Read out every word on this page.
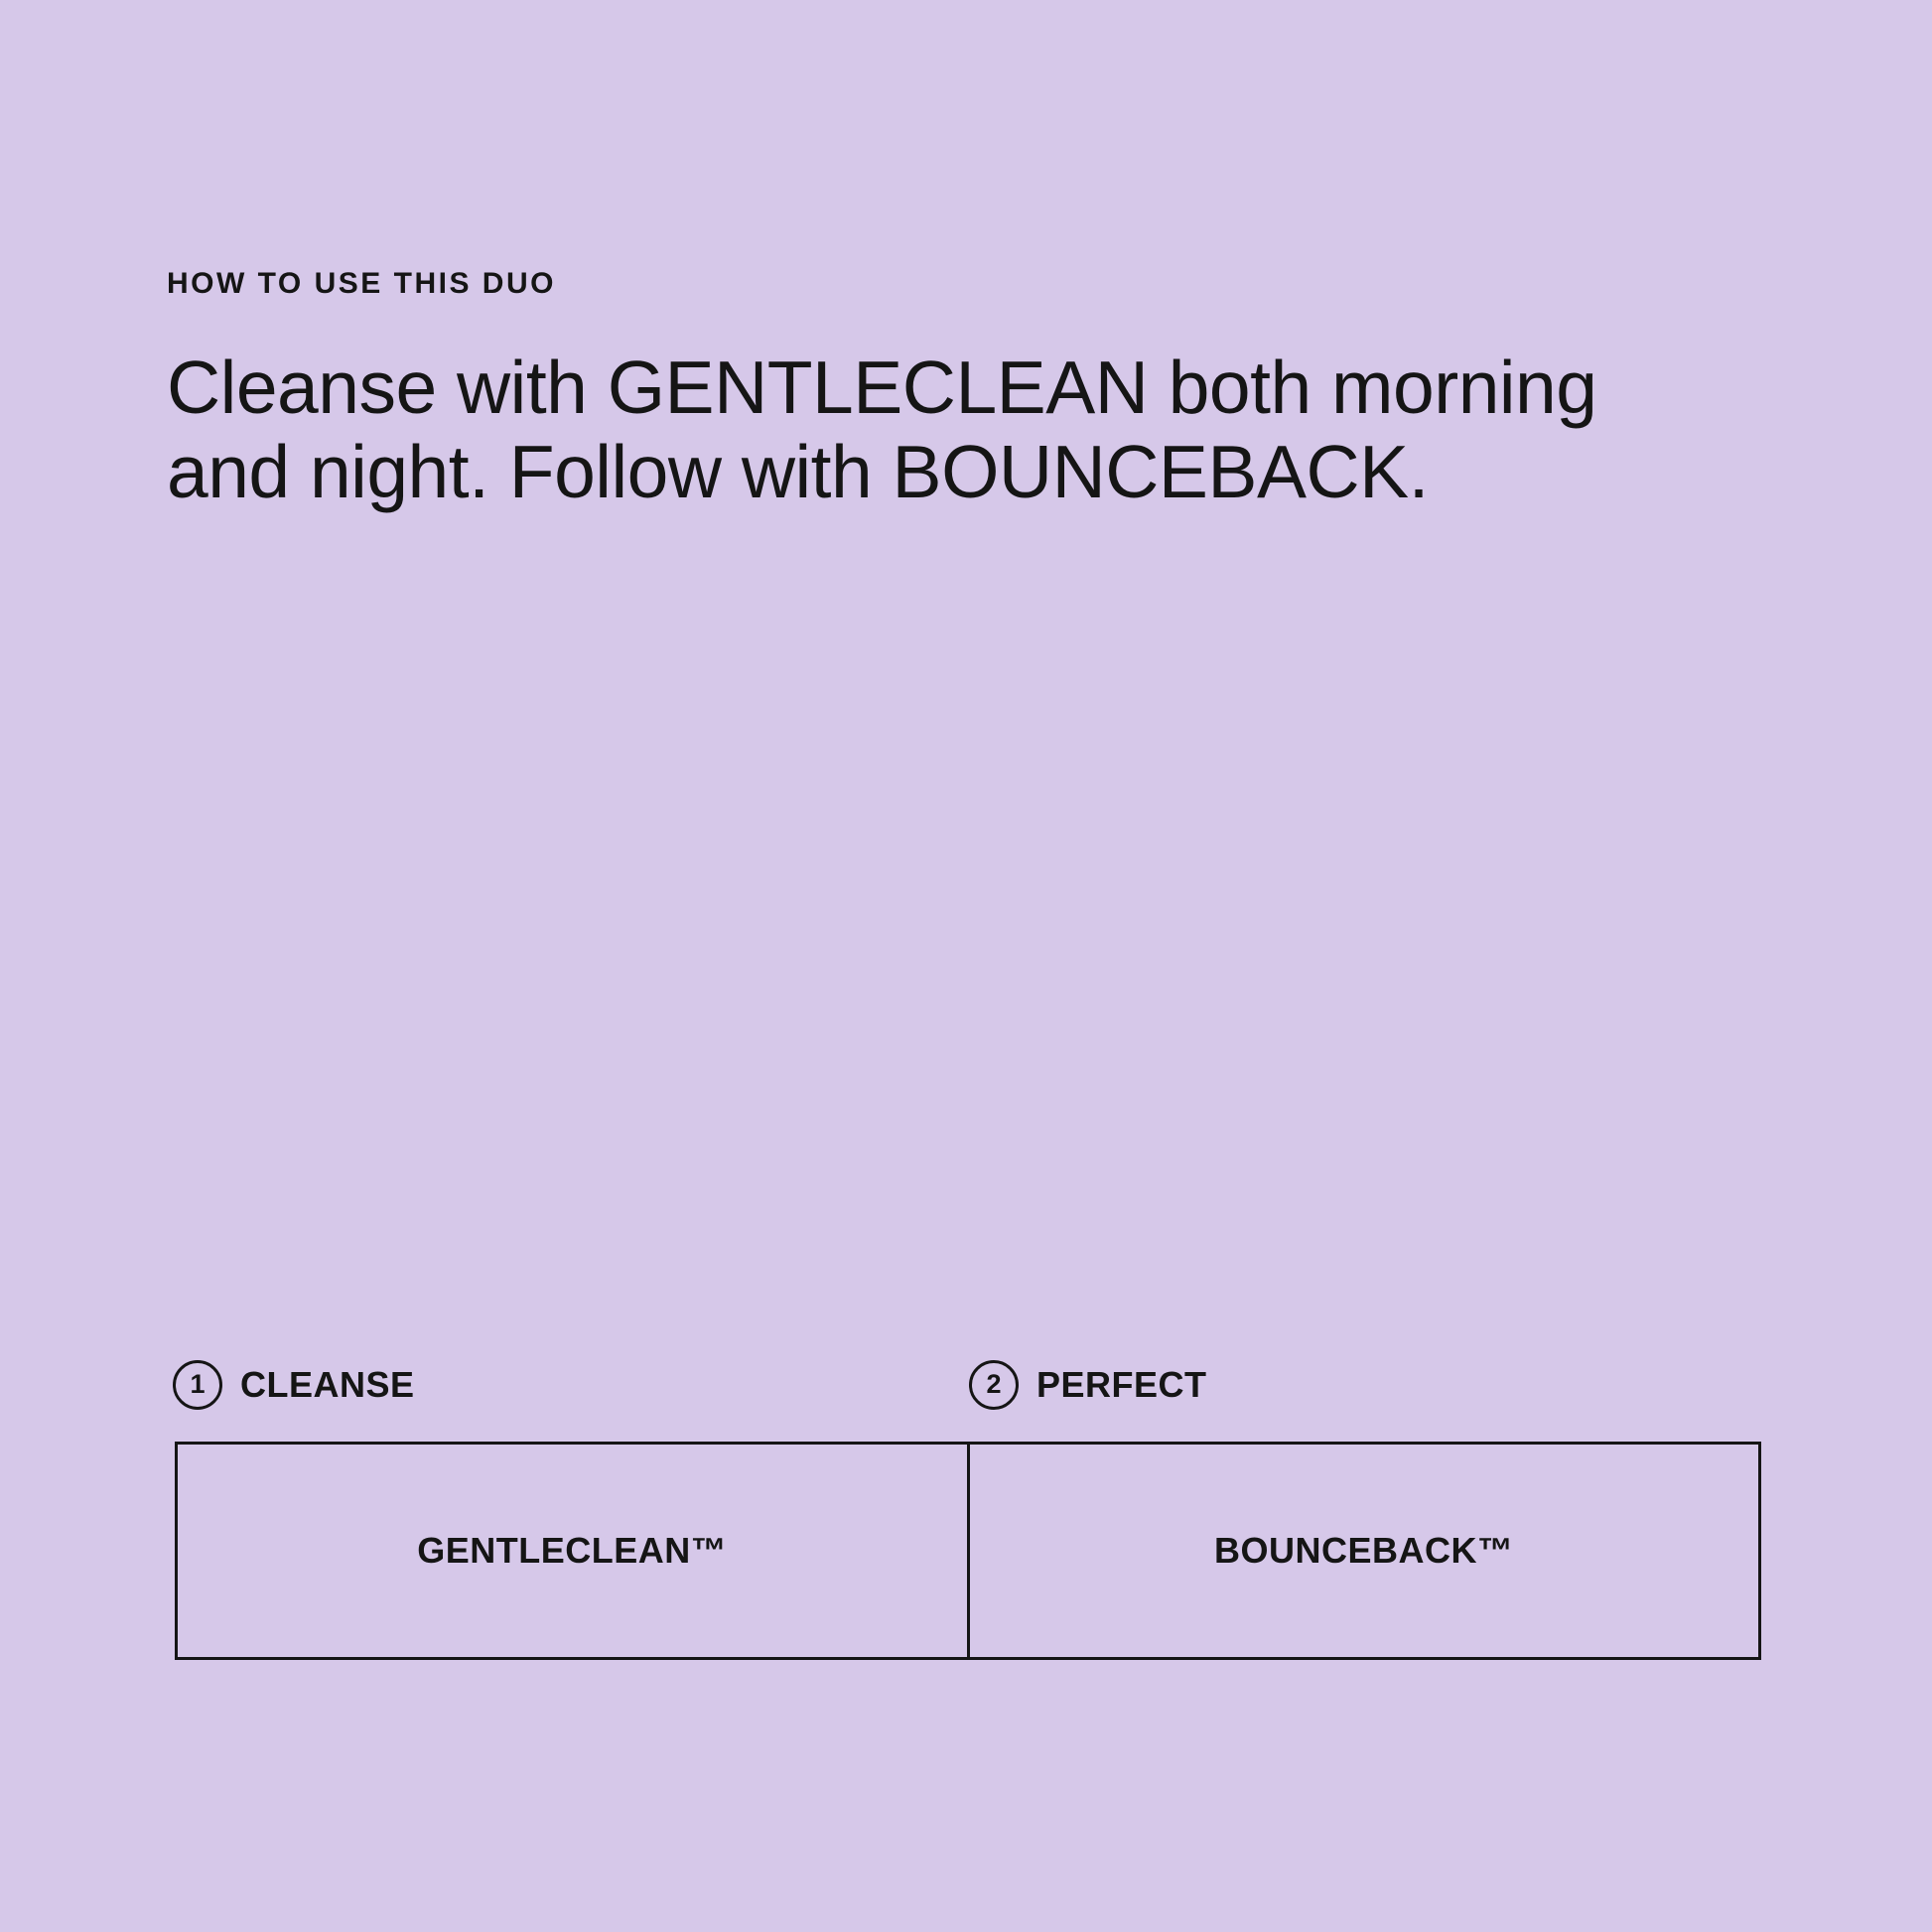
HOW TO USE THIS DUO
Cleanse with GENTLECLEAN both morning
and night. Follow with BOUNCEBACK.
1 CLEANSE	2 PERFECT
GENTLECLEAN™	BOUNCEBACK™
